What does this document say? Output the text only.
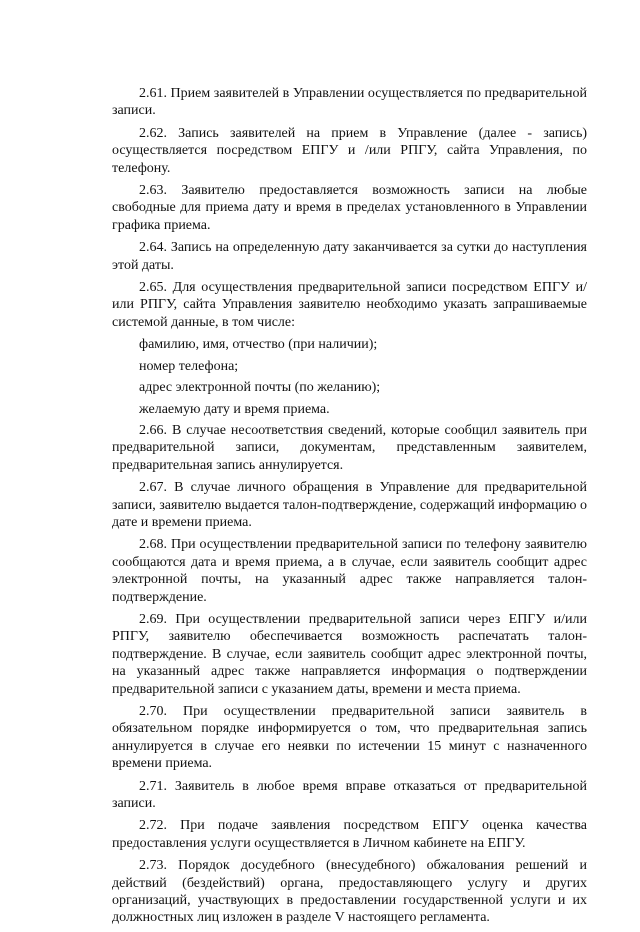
2.61. Прием заявителей в Управлении осуществляется по предварительной записи.

2.62. Запись заявителей на прием в Управление (далее - запись) осуществляется посредством ЕПГУ и /или РПГУ, сайта Управления, по телефону.

2.63. Заявителю предоставляется возможность записи на любые свободные для приема дату и время в пределах установленного в Управлении графика приема.

2.64. Запись на определенную дату заканчивается за сутки до наступления этой даты.

2.65. Для осуществления предварительной записи посредством ЕПГУ и/или РПГУ, сайта Управления заявителю необходимо указать запрашиваемые системой данные, в том числе:

фамилию, имя, отчество (при наличии);

номер телефона;

адрес электронной почты (по желанию);

желаемую дату и время приема.

2.66. В случае несоответствия сведений, которые сообщил заявитель при предварительной записи, документам, представленным заявителем, предварительная запись аннулируется.

2.67. В случае личного обращения в Управление для предварительной записи, заявителю выдается талон-подтверждение, содержащий информацию о дате и времени приема.

2.68. При осуществлении предварительной записи по телефону заявителю сообщаются дата и время приема, а в случае, если заявитель сообщит адрес электронной почты, на указанный адрес также направляется талон-подтверждение.

2.69. При осуществлении предварительной записи через ЕПГУ и/или РПГУ, заявителю обеспечивается возможность распечатать талон-подтверждение. В случае, если заявитель сообщит адрес электронной почты, на указанный адрес также направляется информация о подтверждении предварительной записи с указанием даты, времени и места приема.

2.70. При осуществлении предварительной записи заявитель в обязательном порядке информируется о том, что предварительная запись аннулируется в случае его неявки по истечении 15 минут с назначенного времени приема.

2.71. Заявитель в любое время вправе отказаться от предварительной записи.

2.72. При подаче заявления посредством ЕПГУ оценка качества предоставления услуги осуществляется в Личном кабинете на ЕПГУ.

2.73. Порядок досудебного (внесудебного) обжалования решений и действий (бездействий) органа, предоставляющего услугу и других организаций, участвующих в предоставлении государственной услуги и их должностных лиц изложен в разделе V настоящего регламента.
